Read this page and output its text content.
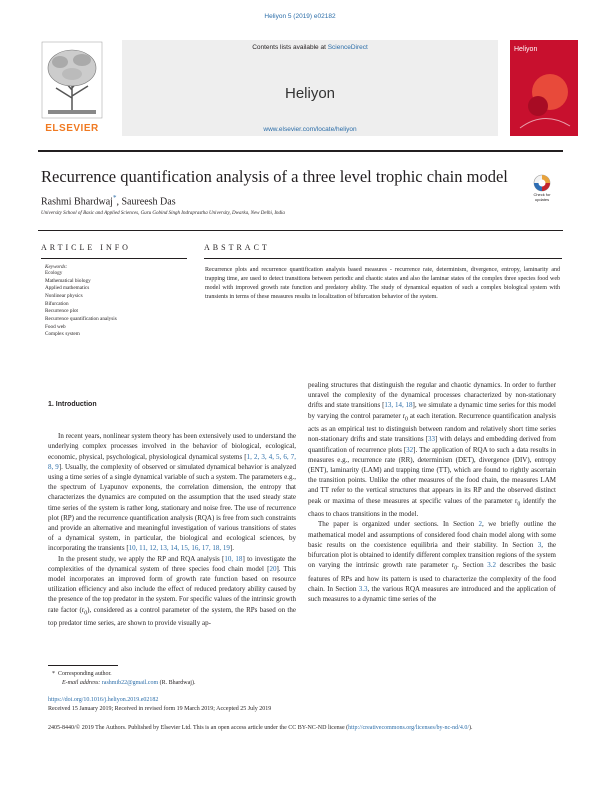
Heliyon 5 (2019) e02182
ELSEVIER
Contents lists available at ScienceDirect
Heliyon
www.elsevier.com/locate/heliyon
Heliyon
Recurrence quantification analysis of a three level trophic chain model
Check for updates
Rashmi Bhardwaj*, Saureesh Das
University School of Basic and Applied Sciences, Guru Gobind Singh Indraprastha University, Dwarka, New Delhi, India
ARTICLE INFO
Keywords:
Ecology
Mathematical biology
Applied mathematics
Nonlinear physics
Bifurcation
Recurrence plot
Recurrence quantification analysis
Food web
Complex system
ABSTRACT
Recurrence plots and recurrence quantification analysis based measures - recurrence rate, determinism, divergence, entropy, laminarity and trapping time, are used to detect transitions between periodic and chaotic states and also the laminar states of the complex three species food web model with improved growth rate function and predatory ability. The study of dynamical equation of such a complex biological system with transients in terms of these measures results in localization of bifurcation behavior of the system.
1. Introduction

In recent years, nonlinear system theory has been extensively used to understand the underlying complex processes involved in the behavior of biological, ecological, economic, physical, psychological, physiological dynamical systems [1, 2, 3, 4, 5, 6, 7, 8, 9]. Usually, the complexity of observed or simulated dynamical behavior is analyzed using a time series of a single dynamical variable of such a system. The parameters e.g., the spectrum of Lyapunov exponents, the correlation dimension, the entropy that characterizes the dynamics are computed on the assumption that the used steady state time series of the system is rather long, stationary and noise free. The use of recurrence plot (RP) and the recurrence quantification analysis (RQA) is free from such constraints and provide an alternative and meaningful investigation of various transitions of states of a dynamical system, in particular, the biological and ecological sciences, by incorporating the transients [10, 11, 12, 13, 14, 15, 16, 17, 18, 19].

In the present study, we apply the RP and RQA analysis [10, 18] to investigate the complexities of the dynamical system of three species food chain model [20]. This model incorporates an improved form of growth rate function based on resource utilization efficiency and also include the effect of reduced predatory ability caused by the presence of the top predator in the system. For specific values of the intrinsic growth rate factor $(r_0)$, considered as a control parameter of the system, the RPs based on the top predator time series, are shown to provide visually ap-

pealing structures that distinguish the regular and chaotic dynamics. In order to further unravel the complexity of the dynamical processes characterized by non-stationary drifts and state transitions [13, 14, 18], we simulate a dynamic time series for this model by varying the control parameter $r_0$ at each iteration. Recurrence quantification analysis acts as an empirical test to distinguish between random and relatively short time series non-stationary drifts and state transitions [33] with delays and embedding derived from quantification of recurrence plots [32]. The application of RQA to such a data results in measures e.g., recurrence rate (RR), determinism (DET), divergence (DIV), entropy (ENT), laminarity (LAM) and trapping time (TT), which are found to rightly ascertain the transition points. Unlike the other measures of the food chain, the measures LAM and TT refer to the vertical structures that appears in its RP and the observed distinct peak or maxima of these measures at specific values of the parameter $r_0$ identify the chaos to chaos transitions in the model.

The paper is organized under sections. In Section 2, we briefly outline the mathematical model and assumptions of considered food chain model along with some basic results on the coexistence equilibria and their stability. In Section 3, the bifurcation plot is obtained to identify different complex transition regions of the system on varying the intrinsic growth rate parameter $r_0$. Section 3.2 describes the basic features of RPs and how its pattern is used to characterize the complexity of the food chain. In Section 3.3, the various RQA measures are introduced and the application of such measures to a dynamic time series of the

* Corresponding author.
E-mail address: rashmib22@gmail.com (R. Bhardwaj).
https://doi.org/10.1016/j.heliyon.2019.e02182
Received 15 January 2019; Received in revised form 19 March 2019; Accepted 25 July 2019
2405-8440/© 2019 The Authors. Published by Elsevier Ltd. This is an open access article under the CC BY-NC-ND license (http://creativecommons.org/licenses/by-nc-nd/4.0/).
